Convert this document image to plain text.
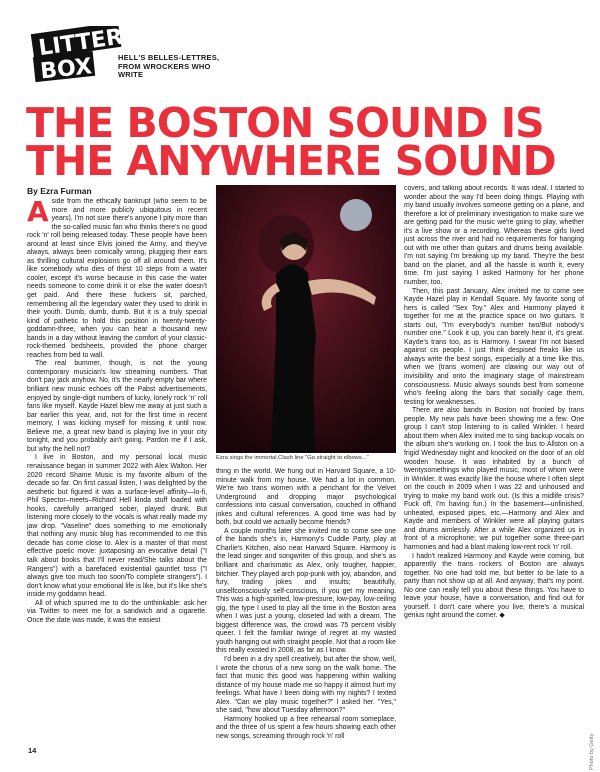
LITTER
BOX	HELL'S BELLES-LETTRES, FROM WROCKERS WHO WRITE
THE BOSTON SOUND IS THE ANYWHERE SOUND
By Ezra Furman

Aside from the ethically bankrupt (who seem to be more and more publicly ubiquitous in recent years), I'm not sure there's anyone I pity more than the so-called music fan who thinks there's no good rock 'n' roll being released today. These people have been around at least since Elvis joined the Army, and they've always, always been comically wrong, plugging their ears as thrilling cultural explosions go off all around them. It's like somebody who dies of thirst 10 steps from a water cooler, except it's worse because in this case the water needs someone to come drink it or else the water doesn't get paid. And there these fuckers sit, parched, remembering all the legendary water they used to drink in their youth. Dumb, dumb, dumb. But it is a truly special kind of pathetic to hold this position in twenty-twenty-goddamn-three, when you can hear a thousand new bands in a day without leaving the comfort of your classic-rock-themed bedsheets, provided the phone charger reaches from bed to wall.

The real bummer, though, is not the young contemporary musician's low streaming numbers. That don't pay jack anyhow. No, it's the nearly empty bar where brilliant new music echoes off the Pabst advertisements, enjoyed by single-digit numbers of lucky, lonely rock 'n' roll fans like myself. Kayde Hazel blew me away at just such a bar earlier this year, and, not for the first time in recent memory, I was kicking myself for missing it until now. Believe me, a great new band is playing live in your city tonight, and you probably ain't going. Pardon me if I ask, but why the hell not?

I live in Boston, and my personal local music renaissance began in summer 2022 with Alex Walton. Her 2020 record Shame Music is my favorite album of the decade so far. On first casual listen, I was delighted by the aesthetic but figured it was a surface-level affinity—lo-fi, Phil Spector–meets–Richard Hell kinda stuff loaded with hooks, carefully arranged sober, played drunk. But listening more closely to the vocals is what really made my jaw drop. "Vaseline" does something to me emotionally that nothing any music blog has recommended to me this decade has come close to. Alex is a master of that most effective poetic move: juxtaposing an evocative detail ("I talk about books that I'll never read/She talks about the Rangers") with a barefaced existential gauntlet toss ("I always give too much too soon/To complete strangers"). I don't know what your emotional life is like, but it's like she's inside my goddamn head.

All of which spurred me to do the unthinkable: ask her via Twitter to meet me for a sandwich and a cigarette. Once the date was made, it was the easiest

Ezra sings the immortal Clash line "Go straight to elbows..."

thing in the world. We hung out in Harvard Square, a 10-minute walk from my house. We had a lot in common. We're two trans women with a penchant for the Velvet Underground and dropping major psychological confessions into casual conversation, couched in offhand jokes and cultural references. A good time was had by both, but could we actually become friends?

A couple months later she invited me to come see one of the bands she's in, Harmony's Cuddle Party, play at Charlie's Kitchen, also near Harvard Square. Harmony is the lead singer and songwriter of this group, and she's as brilliant and charismatic as Alex, only tougher, happier, bitchier. They played arch pop-punk with joy, abandon, and fury, trading jokes and insults; beautifully, unselfconsciously self-conscious, if you get my meaning. This was a high-spirited, low-pressure, low-pay, low-ceiling gig, the type I used to play all the time in the Boston area when I was just a young, closeted lad with a dream. The biggest difference was, the crowd was 75 percent visibly queer. I felt the familiar twinge of regret at my wasted youth hanging out with straight people. Not that a room like this really existed in 2008, as far as I know.

I'd been in a dry spell creatively, but after the show, well, I wrote the chorus of a new song on the walk home. The fact that music this good was happening within walking distance of my house made me so happy it almost hurt my feelings. What have I been doing with my nights? I texted Alex. "Can we play music together?" I asked her. "Yes," she said, "how about Tuesday afternoon?"

Harmony hooked up a free rehearsal room someplace, and the three of us spent a few hours showing each other new songs, screaming through rock 'n' roll

covers, and talking about records. It was ideal. I started to wonder about the way I'd been doing things. Playing with my band usually involves someone getting on a plane, and therefore a lot of preliminary investigation to make sure we are getting paid for the music we're going to play, whether it's a live show or a recording. Whereas these girls lived just across the river and had no requirements for hanging out with me other than guitars and drums being available. I'm not saying I'm breaking up my band. They're the best band on the planet, and all the hassle is worth it, every time. I'm just saying I asked Harmony for her phone number, too.

Then, this past January, Alex invited me to come see Kayde Hazel play in Kendall Square. My favorite song of hers is called "Sex Toy." Alex and Harmony played it together for me at the practice space on two guitars. It starts out, "I'm everybody's number two/But nobody's number one." Look it up, you can barely hear it, it's great. Kayde's trans too, as is Harmony. I swear I'm not biased against cis people. I just think despised freaks like us always write the best songs, especially at a time like this, when we (trans women) are clawing our way out of invisibility and onto the imaginary stage of mainstream consciousness. Music always sounds best from someone who's feeling along the bars that socially cage them, testing for weaknesses.

There are also bands in Boston not fronted by trans people. My new pals have been showing me a few. One group I can't stop listening to is called Winkler. I heard about them when Alex invited me to sing backup vocals on the album she's working on. I took the bus to Allston on a frigid Wednesday night and knocked on the door of an old wooden house. It was inhabited by a bunch of twentysomethings who played music, most of whom were in Winkler. It was exactly like the house where I often slept on the couch in 2009 when I was 22 and unhoused and trying to make my band work out. (Is this a midlife crisis? Fuck off, I'm having fun.) In the basement—unfinished, unheated, exposed pipes, etc.—Harmony and Alex and Kayde and members of Winkler were all playing guitars and drums aimlessly. After a while Alex organized us in front of a microphone; we put together some three-part harmonies and had a blast making low-rent rock 'n' roll.

I hadn't realized Harmony and Kayde were coming, but apparently the trans rockers of Boston are always together. No one had told me, but better to be late to a party than not show up at all. And anyway, that's my point. No one can really tell you about these things. You have to leave your house, have a conversation, and find out for yourself. I don't care where you live, there's a musical genius right around the corner. ◆

Photo by Getty
14
